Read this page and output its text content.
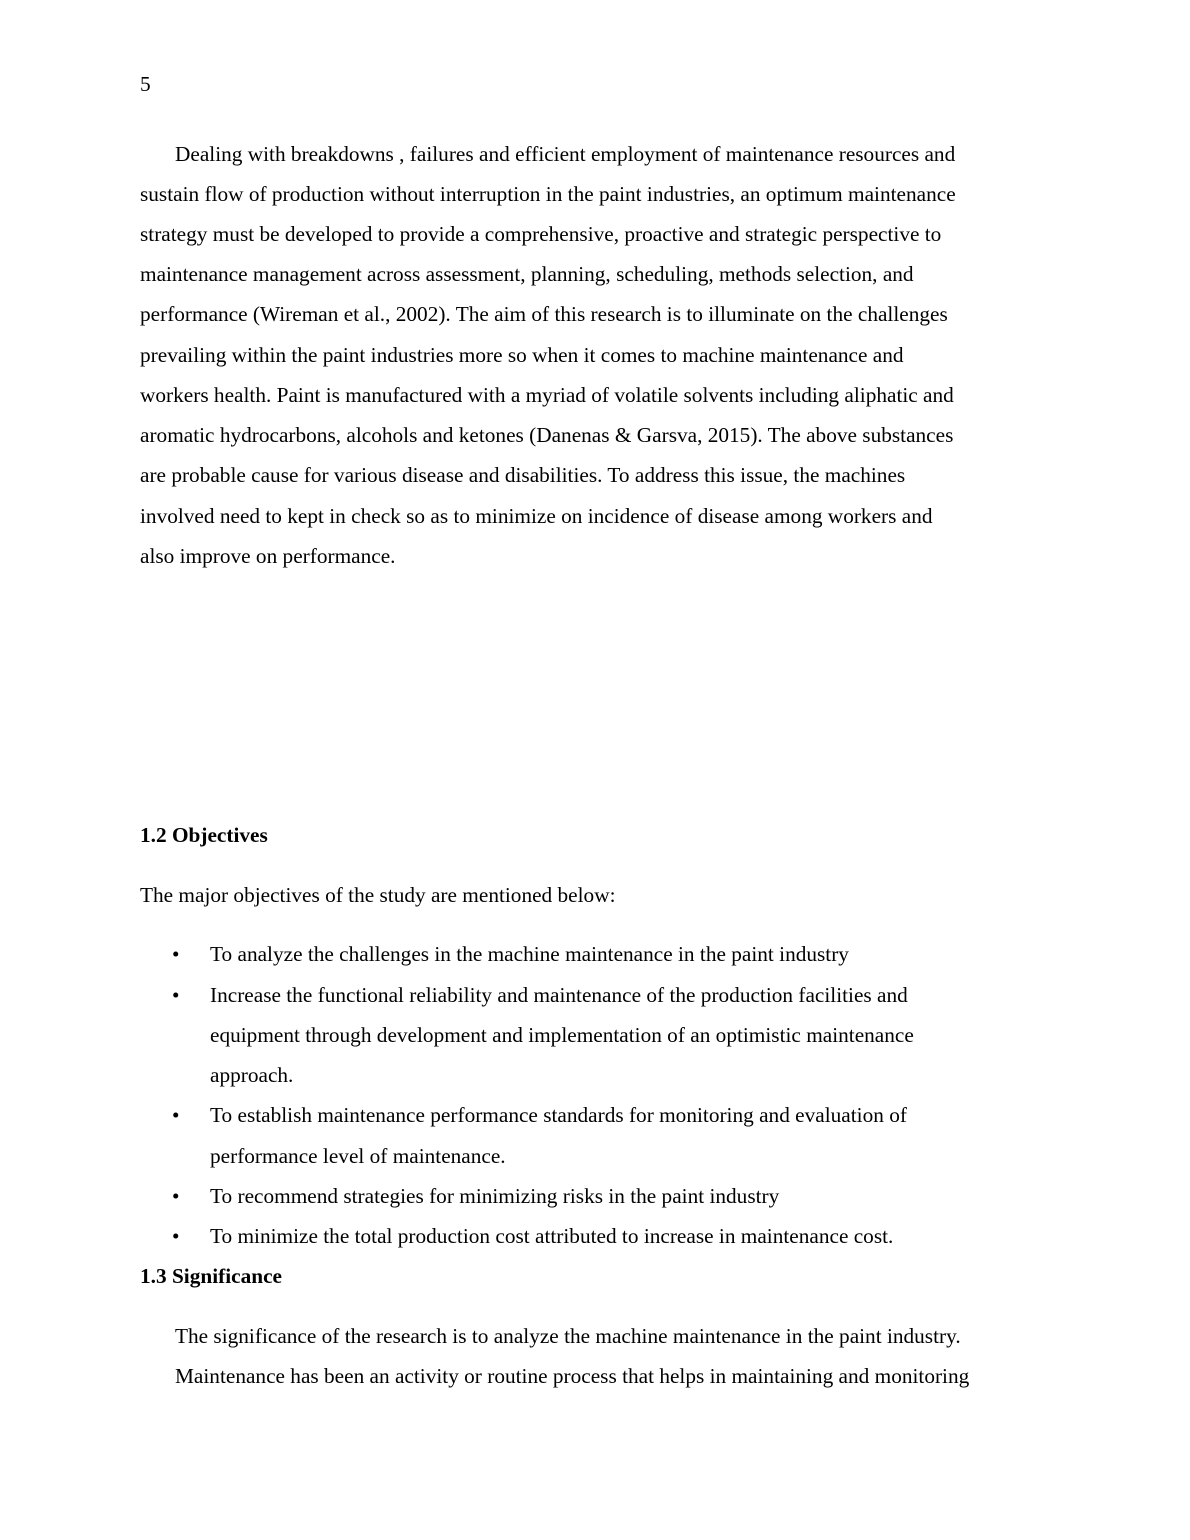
5
Dealing with breakdowns , failures and efficient employment of maintenance resources and
sustain flow of production without interruption in the paint industries, an optimum maintenance
strategy must be developed to provide a comprehensive, proactive and strategic perspective to
maintenance management across assessment, planning, scheduling, methods selection, and
performance (Wireman et al., 2002). The aim of this research is to illuminate on the challenges
prevailing within the paint industries more so when it comes to machine maintenance and
workers health. Paint is manufactured with a myriad of volatile solvents including aliphatic and
aromatic hydrocarbons, alcohols and ketones (Danenas & Garsva, 2015). The above substances
are probable cause for various disease and disabilities. To address this issue, the machines
involved need to kept in check so as to minimize on incidence of disease among workers and
also improve on performance.
1.2 Objectives
The major objectives of the study are mentioned below:
• To analyze the challenges in the machine maintenance in the paint industry
• Increase the functional reliability and maintenance of the production facilities and
equipment through development and implementation of an optimistic maintenance
approach.
• To establish maintenance performance standards for monitoring and evaluation of
performance level of maintenance.
• To recommend strategies for minimizing risks in the paint industry
• To minimize the total production cost attributed to increase in maintenance cost.
1.3 Significance
The significance of the research is to analyze the machine maintenance in the paint industry.
Maintenance has been an activity or routine process that helps in maintaining and monitoring
